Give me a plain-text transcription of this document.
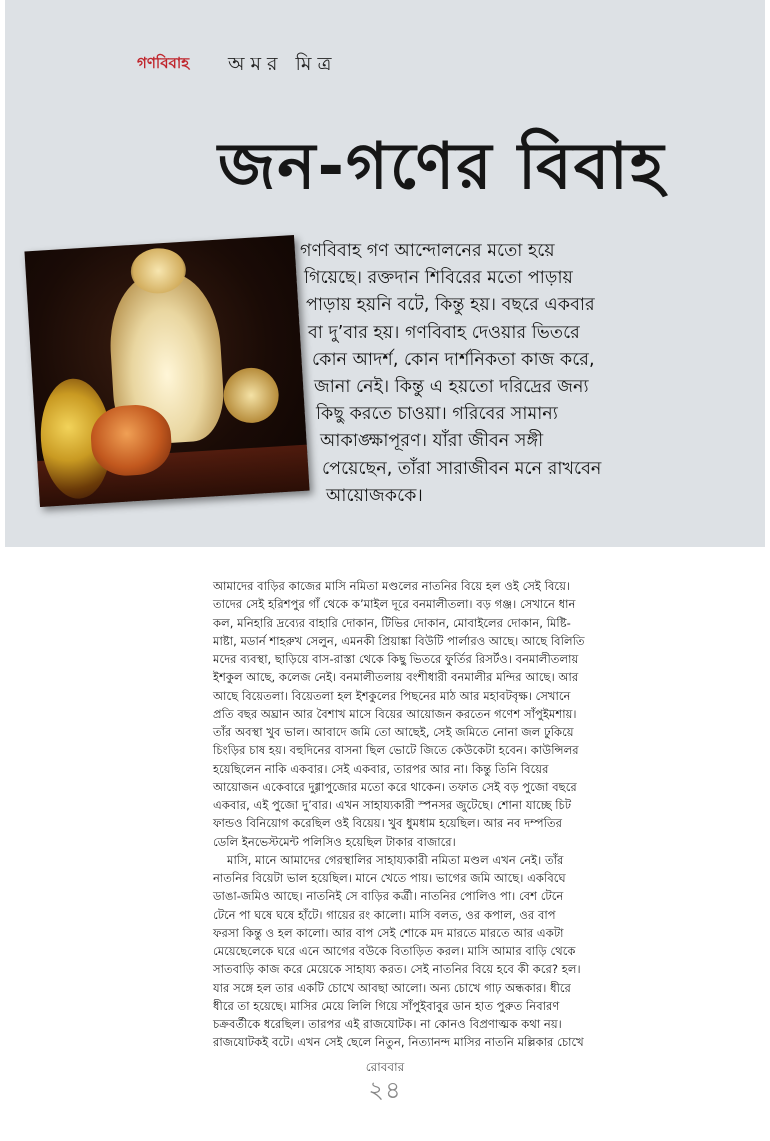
গণবিবাহ অমর মিত্র
জন-গণের বিবাহ
গণবিবাহ গণ আন্দোলনের মতো হয়ে
গিয়েছে। রক্তদান শিবিরের মতো পাড়ায়
পাড়ায় হয়নি বটে, কিন্তু হয়। বছরে একবার
বা দু’বার হয়। গণবিবাহ দেওয়ার ভিতরে
কোন আদর্শ, কোন দার্শনিকতা কাজ করে,
জানা নেই। কিন্তু এ হয়তো দরিদ্রের জন্য
কিছু করতে চাওয়া। গরিবের সামান্য
আকাঙ্ক্ষাপূরণ। যাঁরা জীবন সঙ্গী
পেয়েছেন, তাঁরা সারাজীবন মনে রাখবেন
আয়োজককে।
আমাদের বাড়ির কাজের মাসি নমিতা মণ্ডলের নাতনির বিয়ে হল ওই সেই বিয়ে।
তাদের সেই হরিশপুর গাঁ থেকে ক’মাইল দূরে বনমালীতলা। বড় গঞ্জ। সেখানে ধান
কল, মনিহারি দ্রব্যের বাহারি দোকান, টিভির দোকান, মোবাইলের দোকান, মিষ্টি-
মাষ্টা, মডার্ন শাহরুখ সেলুন, এমনকী প্রিয়াঙ্কা বিউটি পার্লারও আছে। আছে বিলিতি
মদের ব্যবস্থা, ছাড়িয়ে বাস-রাস্তা থেকে কিছু ভিতরে ফুর্তির রিসর্টও। বনমালীতলায়
ইশকুল আছে, কলেজ নেই। বনমালীতলায় বংশীধারী বনমালীর মন্দির আছে। আর
আছে বিয়েতলা। বিয়েতলা হল ইশকুলের পিছনের মাঠ আর মহাবটবৃক্ষ। সেখানে
প্রতি বছর অঘ্রান আর বৈশাখ মাসে বিয়ের আয়োজন করতেন গণেশ সাঁপুইমশায়।
তাঁর অবস্থা খুব ভাল। আবাদে জমি তো আছেই, সেই জমিতে নোনা জল ঢুকিয়ে
চিংড়ির চাষ হয়। বহুদিনের বাসনা ছিল ভোটে জিতে কেউকেটা হবেন। কাউন্সিলর
হয়েছিলেন নাকি একবার। সেই একবার, তারপর আর না। কিন্তু তিনি বিয়ের
আয়োজন একেবারে দুগ্গাপুজোর মতো করে থাকেন। তফাত সেই বড় পুজো বছরে
একবার, এই পুজো দু’বার। এখন সাহায্যকারী স্পনসর জুটেছে। শোনা যাচ্ছে চিট
ফান্ডও বিনিয়োগ করেছিল ওই বিয়েয়। খুব ধুমধাম হয়েছিল। আর নব দম্পতির
ডেলি ইনভেস্টমেন্ট পলিসিও হয়েছিল টাকার বাজারে।
মাসি, মানে আমাদের গেরস্থালির সাহায্যকারী নমিতা মণ্ডল এখন নেই। তাঁর
নাতনির বিয়েটা ভাল হয়েছিল। মানে খেতে পায়। ভাগের জমি আছে। একবিঘে
ডাঙা-জমিও আছে। নাতনিই সে বাড়ির কর্ত্রী। নাতনির পোলিও পা। বেশ টেনে
টেনে পা ঘষে ঘষে হাঁটে। গায়ের রং কালো। মাসি বলত, ওর কপাল, ওর বাপ
ফরসা কিন্তু ও হল কালো। আর বাপ সেই শোকে মদ মারতে মারতে আর একটা
মেয়েছেলেকে ঘরে এনে আগের বউকে বিতাড়িত করল। মাসি আমার বাড়ি থেকে
সাতবাড়ি কাজ করে মেয়েকে সাহায্য করত। সেই নাতনির বিয়ে হবে কী করে? হল।
যার সঙ্গে হল তার একটি চোখে আবছা আলো। অন্য চোখে গাঢ় অন্ধকার। ধীরে
ধীরে তা হয়েছে। মাসির মেয়ে লিলি গিয়ে সাঁপুইবাবুর ডান হাত পুরুত নিবারণ
চক্রবর্তীকে ধরেছিল। তারপর এই রাজযোটক। না কোনও বিপ্রণাত্মক কথা নয়।
রাজযোটকই বটে। এখন সেই ছেলে নিতুন, নিত্যানন্দ মাসির নাতনি মল্লিকার চোখে
রোববার
২৪
